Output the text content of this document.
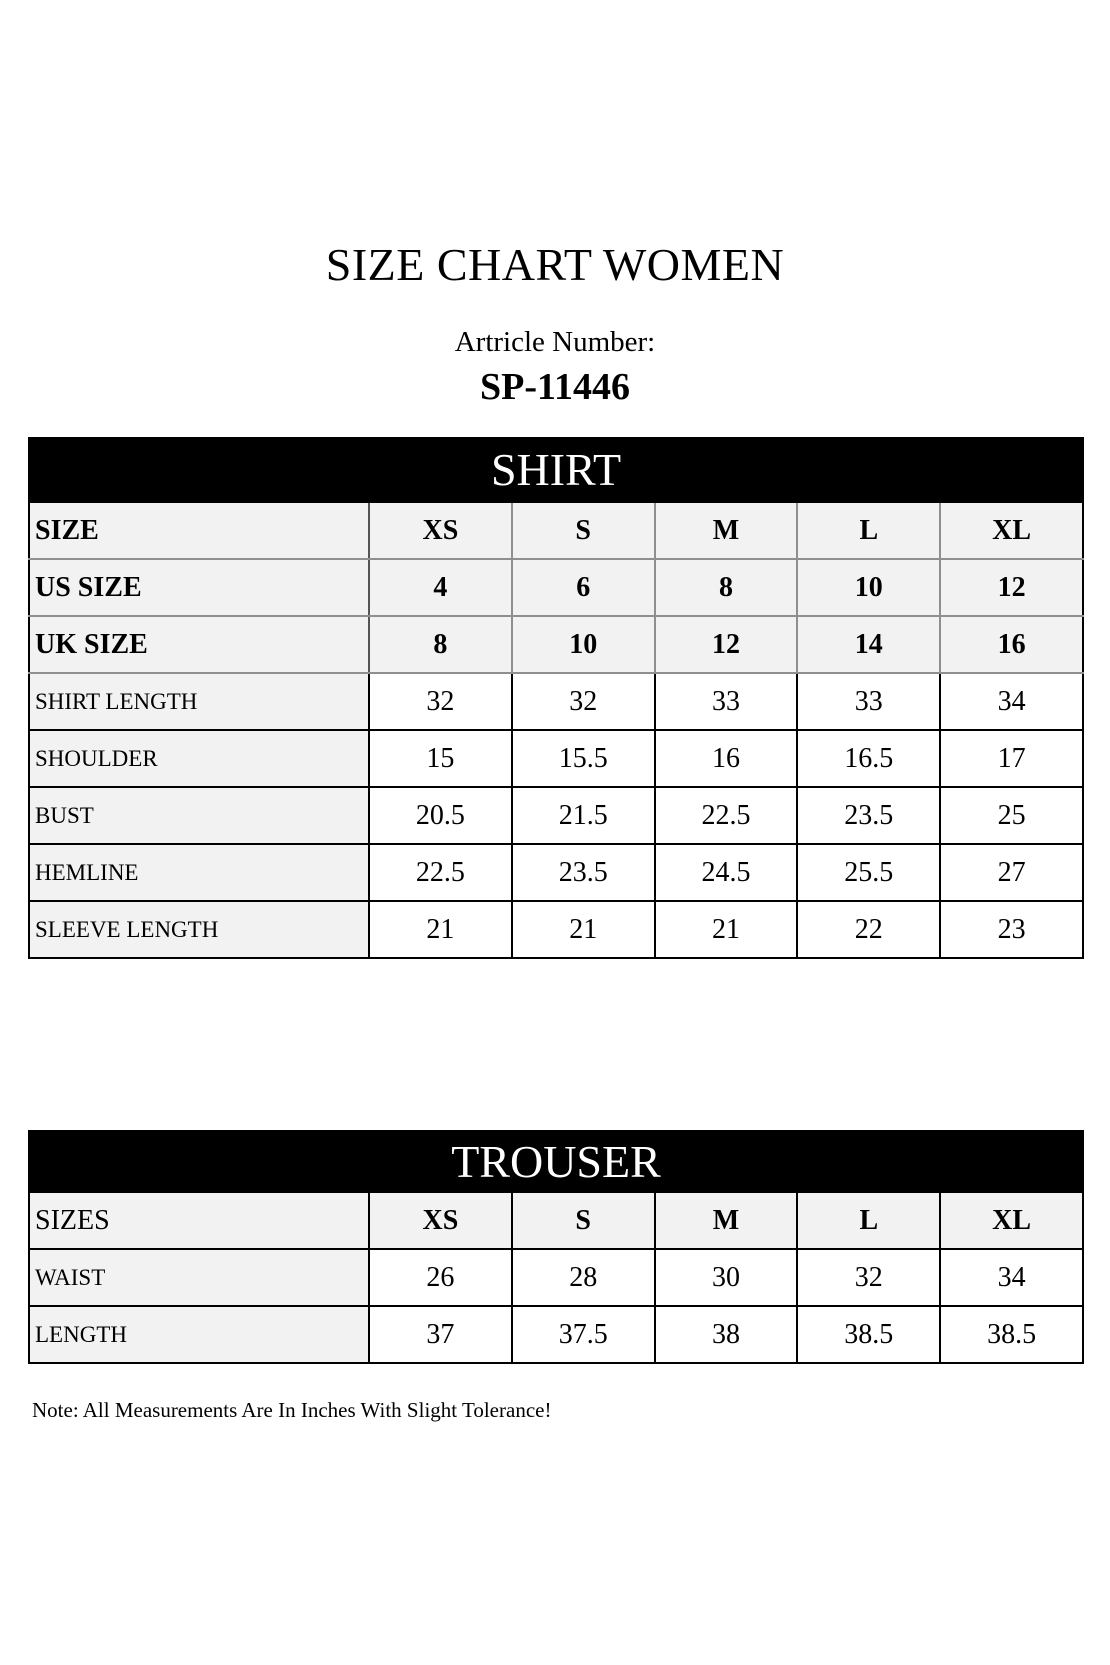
SIZE CHART WOMEN
Artricle Number:
SP-11446
SHIRT					
SIZE	XS	S	M	L	XL
US SIZE	4	6	8	10	12
UK SIZE	8	10	12	14	16
SHIRT LENGTH	32	32	33	33	34
SHOULDER	15	15.5	16	16.5	17
BUST	20.5	21.5	22.5	23.5	25
HEMLINE	22.5	23.5	24.5	25.5	27
SLEEVE LENGTH	21	21	21	22	23
TROUSER					
SIZES	XS	S	M	L	XL
WAIST	26	28	30	32	34
LENGTH	37	37.5	38	38.5	38.5
Note: All Measurements Are In Inches With Slight Tolerance!
